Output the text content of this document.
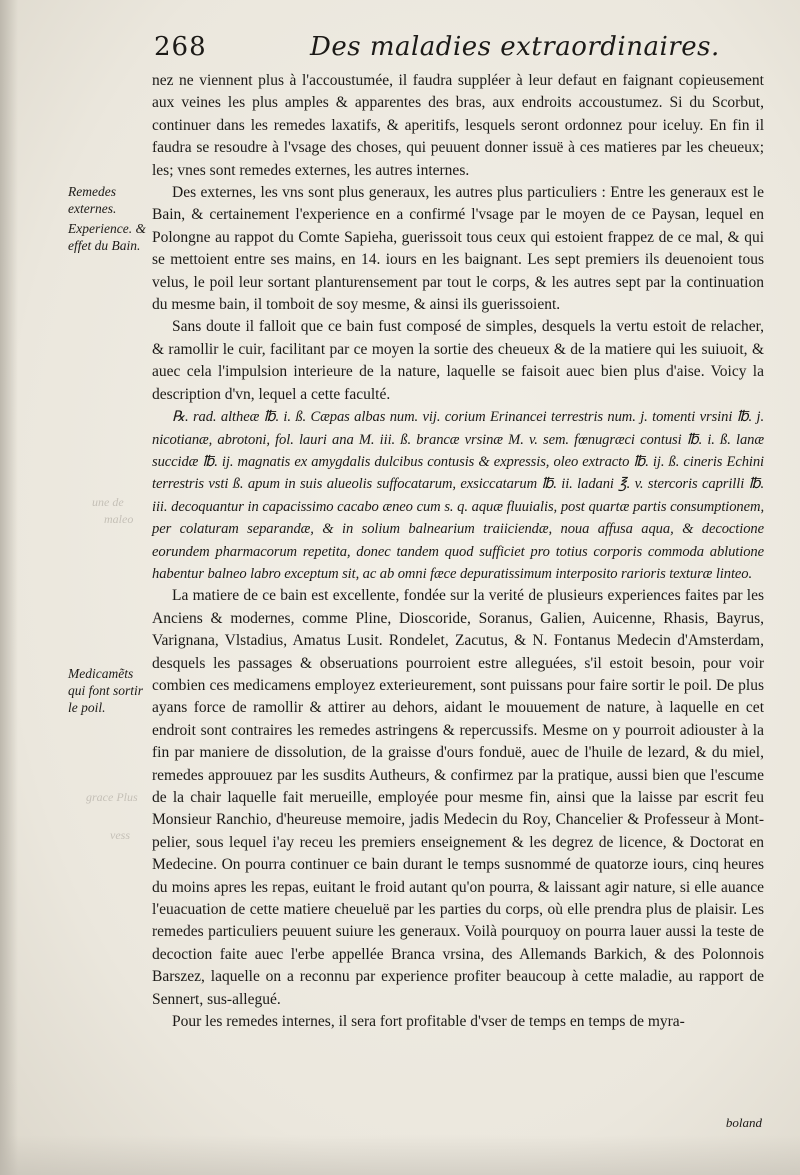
268	Des maladies extraordinaires.
Remedes externes.
Experience. & effet du Bain.
Medicamẽts qui font sortir le poil.
une de
maleo
grace Plus
vess

nez ne viennent plus à l'accoustumée, il faudra suppléer à leur defaut en faignant copieusement aux veines les plus amples & apparentes des bras, aux endroits accoustumez. Si du Scorbut, continuer dans les remedes laxatifs, & aperitifs, lesquels seront ordonnez pour iceluy. En fin il faudra se resoudre à l'vsage des choses, qui peuuent donner issuë à ces matieres par les cheueux; les; vnes sont remedes externes, les autres internes.

Des externes, les vns sont plus generaux, les autres plus particuliers : Entre les generaux est le Bain, & certainement l'experience en a confirmé l'vsage par le moyen de ce Paysan, lequel en Polongne au rappot du Comte Sapieha, guerissoit tous ceux qui estoient frappez de ce mal, & qui se mettoient entre ses mains, en 14. iours en les baignant. Les sept premiers ils deuenoient tous velus, le poil leur sortant planturensement par tout le corps, & les autres sept par la continuation du mesme bain, il tomboit de soy mesme, & ainsi ils guerissoient.

Sans doute il falloit que ce bain fust composé de simples, desquels la vertu estoit de relacher, & ramollir le cuir, facilitant par ce moyen la sortie des cheueux & de la matiere qui les suiuoit, & auec cela l'impulsion interieure de la nature, laquelle se faisoit auec bien plus d'aise. Voicy la description d'vn, lequel a cette faculté.

℞. rad. altheæ ℔. i. ß. Cæpas albas num. vij. corium Erinancei terrestris num. j. tomenti vrsini ℔. j. nicotianæ, abrotoni, fol. lauri ana M. iii. ß. brancæ vrsinæ M. v. sem. fœnugræci contusi ℔. i. ß. lanæ succidæ ℔. ij. magnatis ex amygdalis dulcibus contusis & expressis, oleo extracto ℔. ij. ß. cineris Echini terrestris vsti ß. apum in suis alueolis suffocatarum, exsiccatarum ℔. ii. ladani ℥. v. stercoris caprilli ℔. iii. decoquantur in capacissimo cacabo æneo cum s. q. aquæ fluuialis, post quartæ partis consumptionem, per colaturam separandæ, & in solium balnearium traiiciendæ, noua affusa aqua, & decoctione eorundem pharmacorum repetita, donec tandem quod sufficiet pro totius corporis commoda ablutione habentur balneo labro exceptum sit, ac ab omni fæce depuratissimum interposito rarioris texturæ linteo.

La matiere de ce bain est excellente, fondée sur la verité de plusieurs experiences faites par les Anciens & modernes, comme Pline, Dioscoride, Soranus, Galien, Auicenne, Rhasis, Bayrus, Varignana, Vlstadius, Amatus Lusit. Rondelet, Zacutus, & N. Fontanus Medecin d'Amsterdam, desquels les passages & obseruations pourroient estre alleguées, s'il estoit besoin, pour voir combien ces medicamens employez exterieurement, sont puissans pour faire sortir le poil. De plus ayans force de ramollir & attirer au dehors, aidant le mouuement de nature, à laquelle en cet endroit sont contraires les remedes astringens & repercussifs. Mesme on y pourroit adiouster à la fin par maniere de dissolution, de la graisse d'ours fonduë, auec de l'huile de lezard, & du miel, remedes approuuez par les susdits Autheurs, & confirmez par la pratique, aussi bien que l'escume de la chair laquelle fait merueille, employée pour mesme fin, ainsi que la laisse par escrit feu Monsieur Ranchio, d'heureuse memoire, jadis Medecin du Roy, Chancelier & Professeur à Mont-pelier, sous lequel i'ay receu les premiers enseignement & les degrez de licence, & Doctorat en Medecine. On pourra continuer ce bain durant le temps susnommé de quatorze iours, cinq heures du moins apres les repas, euitant le froid autant qu'on pourra, & laissant agir nature, si elle auance l'euacuation de cette matiere cheueluë par les parties du corps, où elle prendra plus de plaisir. Les remedes particuliers peuuent suiure les generaux. Voilà pourquoy on pourra lauer aussi la teste de decoction faite auec l'erbe appellée Branca vrsina, des Allemands Barkich, & des Polonnois Barszez, laquelle on a reconnu par experience profiter beaucoup à cette maladie, au rapport de Sennert, sus-allegué.

Pour les remedes internes, il sera fort profitable d'vser de temps en temps de myra-

boland
